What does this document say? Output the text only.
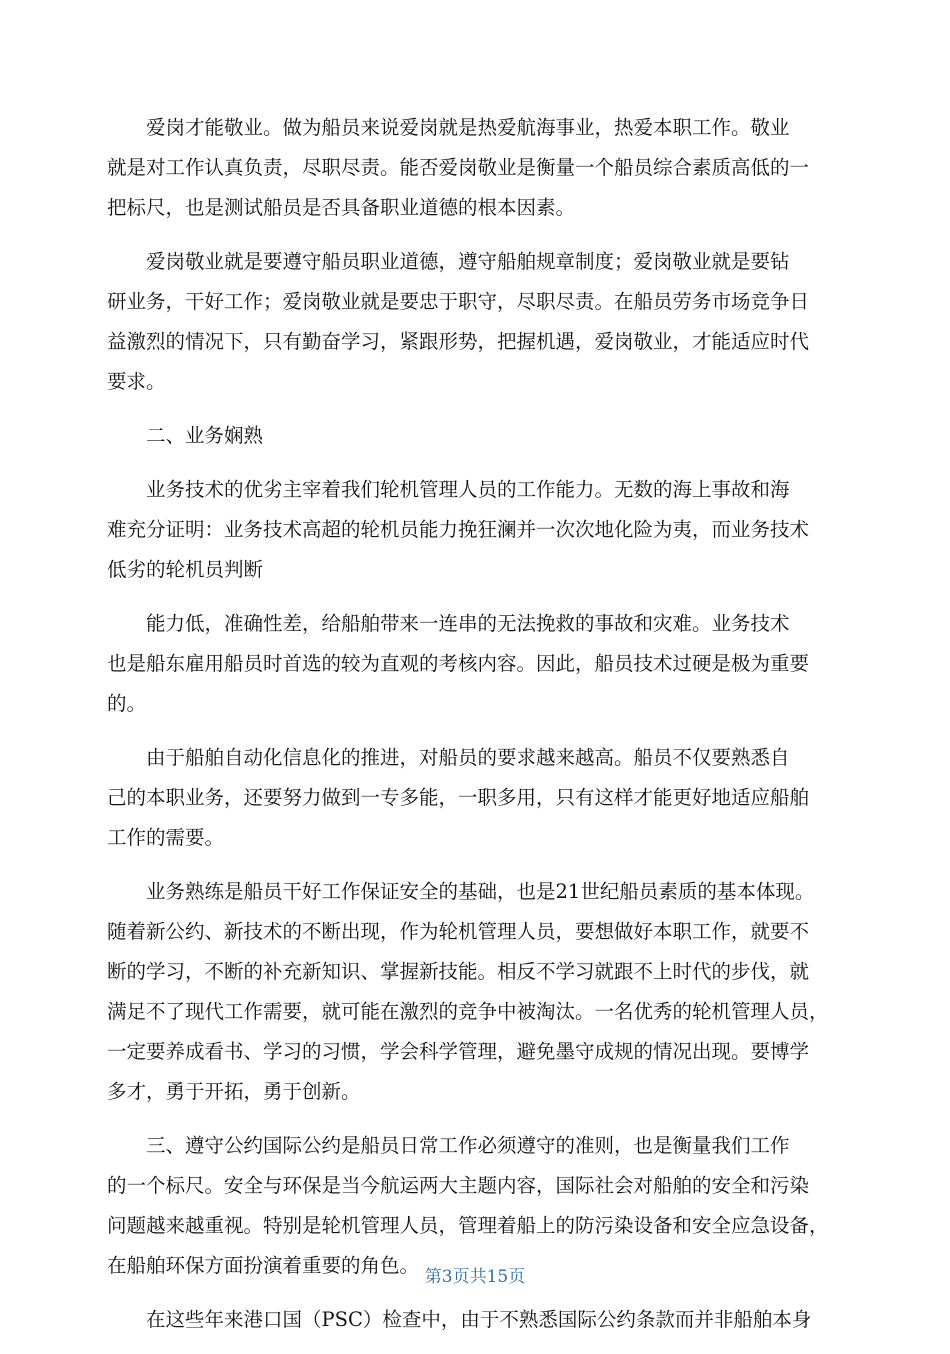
爱岗才能敬业。做为船员来说爱岗就是热爱航海事业，热爱本职工作。敬业
就是对工作认真负责，尽职尽责。能否爱岗敬业是衡量一个船员综合素质高低的一
把标尺，也是测试船员是否具备职业道德的根本因素。
爱岗敬业就是要遵守船员职业道德，遵守船舶规章制度；爱岗敬业就是要钻
研业务，干好工作；爱岗敬业就是要忠于职守，尽职尽责。在船员劳务市场竞争日
益激烈的情况下，只有勤奋学习，紧跟形势，把握机遇，爱岗敬业，才能适应时代
要求。
二、业务娴熟
业务技术的优劣主宰着我们轮机管理人员的工作能力。无数的海上事故和海
难充分证明：业务技术高超的轮机员能力挽狂澜并一次次地化险为夷，而业务技术
低劣的轮机员判断
能力低，准确性差，给船舶带来一连串的无法挽救的事故和灾难。业务技术
也是船东雇用船员时首选的较为直观的考核内容。因此，船员技术过硬是极为重要
的。
由于船舶自动化信息化的推进，对船员的要求越来越高。船员不仅要熟悉自
己的本职业务，还要努力做到一专多能，一职多用，只有这样才能更好地适应船舶
工作的需要。
业务熟练是船员干好工作保证安全的基础，也是21世纪船员素质的基本体现。
随着新公约、新技术的不断出现，作为轮机管理人员，要想做好本职工作，就要不
断的学习，不断的补充新知识、掌握新技能。相反不学习就跟不上时代的步伐，就
满足不了现代工作需要，就可能在激烈的竞争中被淘汰。一名优秀的轮机管理人员，
一定要养成看书、学习的习惯，学会科学管理，避免墨守成规的情况出现。要博学
多才，勇于开拓，勇于创新。
三、遵守公约国际公约是船员日常工作必须遵守的准则，也是衡量我们工作
的一个标尺。安全与环保是当今航运两大主题内容，国际社会对船舶的安全和污染
问题越来越重视。特别是轮机管理人员，管理着船上的防污染设备和安全应急设备，
在船舶环保方面扮演着重要的角色。
在这些年来港口国（PSC）检查中，由于不熟悉国际公约条款而并非船舶本身
第3页共15页
